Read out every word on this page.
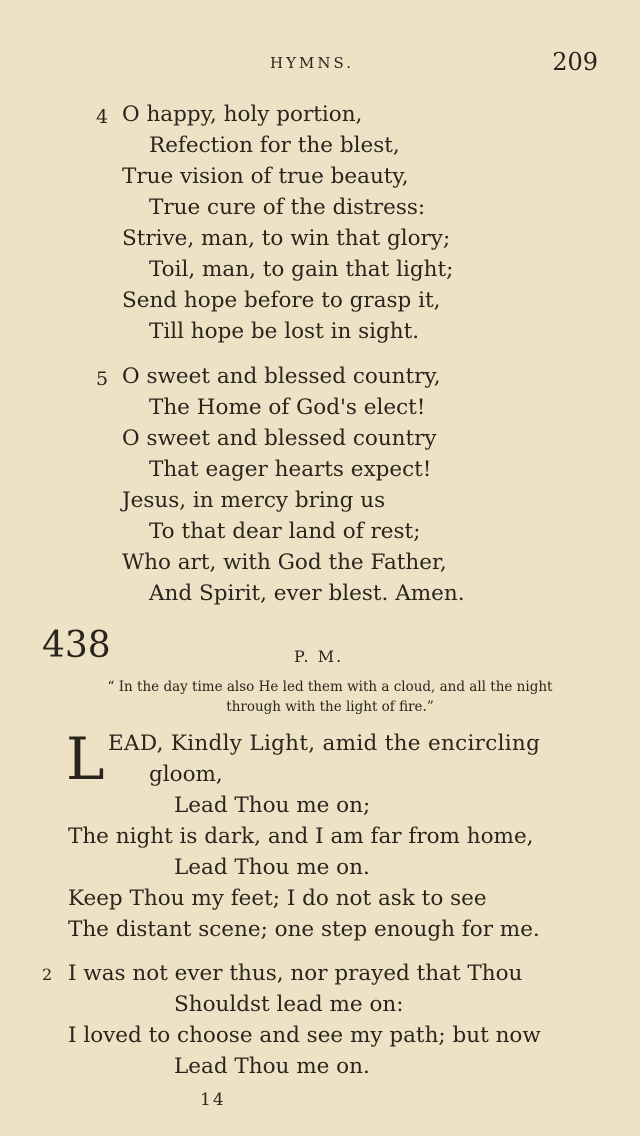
HYMNS.	209
4 O happy, holy portion,
Refection for the blest,
True vision of true beauty,
True cure of the distress:
Strive, man, to win that glory;
Toil, man, to gain that light;
Send hope before to grasp it,
Till hope be lost in sight.
5 O sweet and blessed country,
The Home of God's elect!
O sweet and blessed country
That eager hearts expect!
Jesus, in mercy bring us
To that dear land of rest;
Who art, with God the Father,
And Spirit, ever blest. Amen.
438	P. M.
“ In the day time also He led them with a cloud, and all the night
through with the light of fire.”
L EAD, Kindly Light, amid the encircling
gloom,
Lead Thou me on;
The night is dark, and I am far from home,
Lead Thou me on.
Keep Thou my feet; I do not ask to see
The distant scene; one step enough for me.
2 I was not ever thus, nor prayed that Thou
Shouldst lead me on:
I loved to choose and see my path; but now
Lead Thou me on.
14
